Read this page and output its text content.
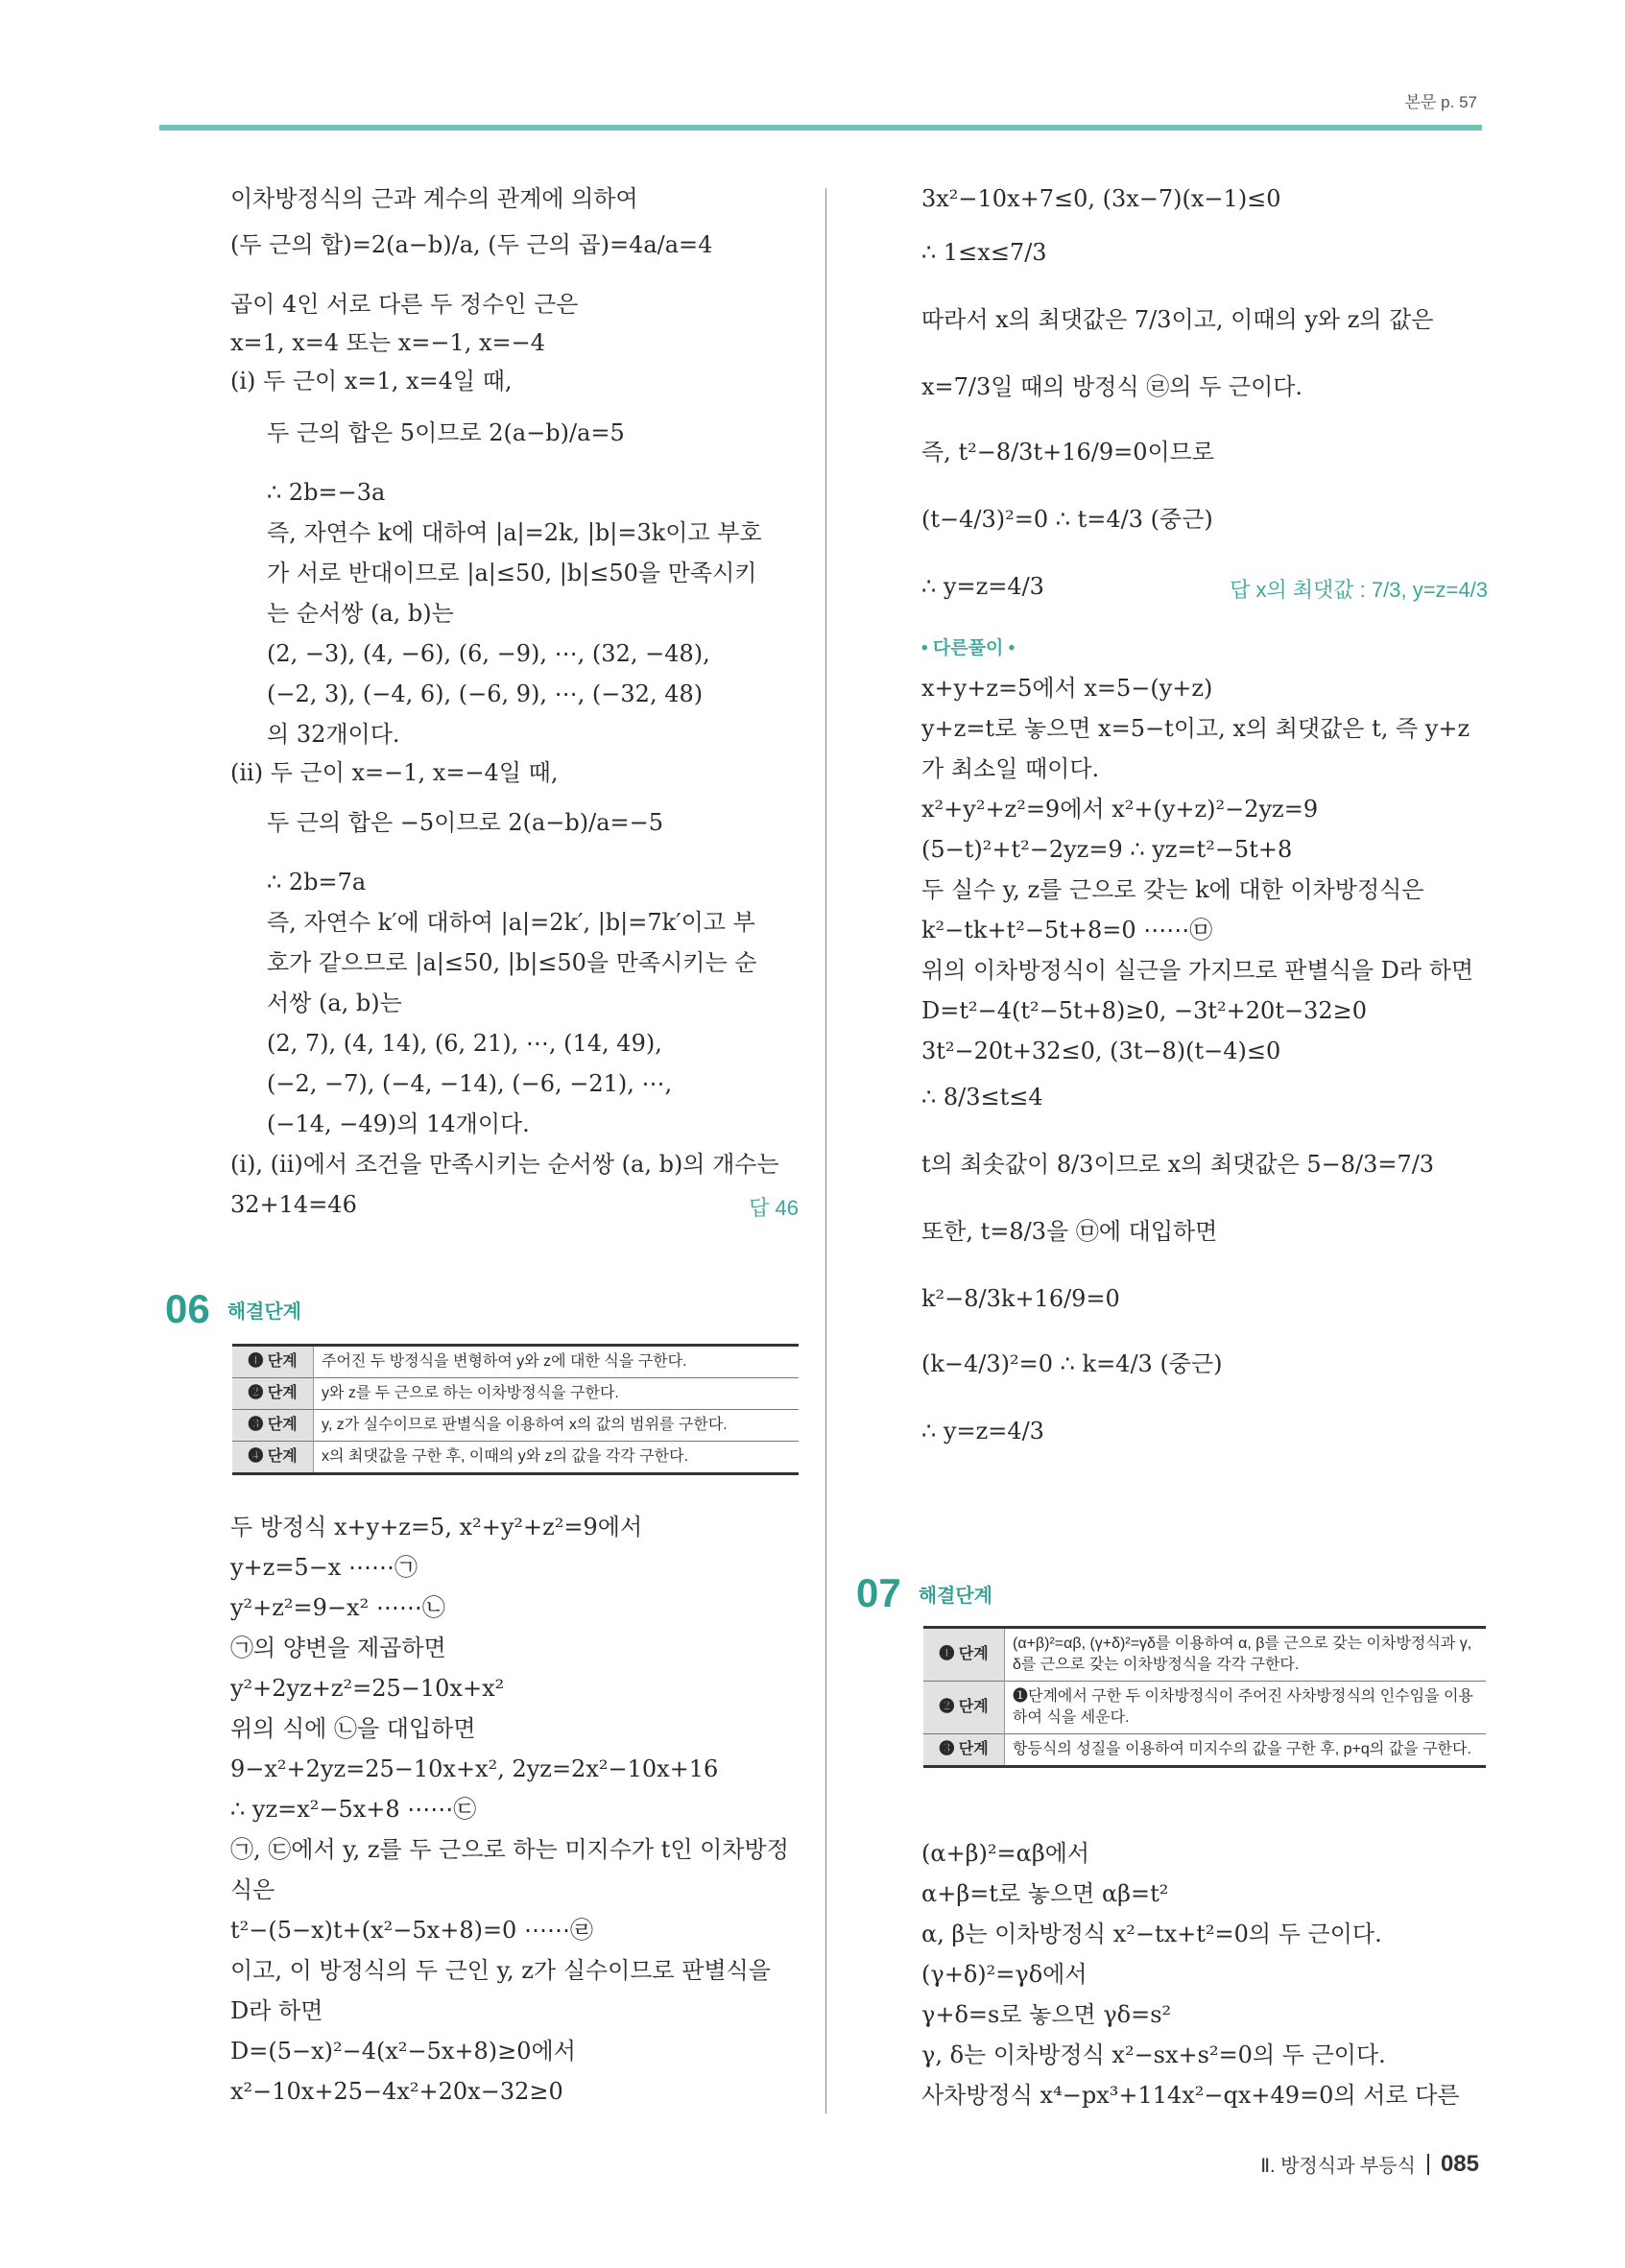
본문 p. 57
이차방정식의 근과 계수의 관계에 의하여
(두 근의 합)=2(a−b)/a, (두 근의 곱)=4a/a=4
곱이 4인 서로 다른 두 정수인 근은
x=1, x=4 또는 x=−1, x=−4
(i) 두 근이 x=1, x=4일 때,
두 근의 합은 5이므로 2(a−b)/a=5
∴ 2b=−3a
즉, 자연수 k에 대하여 |a|=2k, |b|=3k이고 부호
가 서로 반대이므로 |a|≤50, |b|≤50을 만족시키
는 순서쌍 (a, b)는
(2, −3), (4, −6), (6, −9), ⋯, (32, −48),
(−2, 3), (−4, 6), (−6, 9), ⋯, (−32, 48)
의 32개이다.
(ii) 두 근이 x=−1, x=−4일 때,
두 근의 합은 −5이므로 2(a−b)/a=−5
∴ 2b=7a
즉, 자연수 k′에 대하여 |a|=2k′, |b|=7k′이고 부
호가 같으므로 |a|≤50, |b|≤50을 만족시키는 순
서쌍 (a, b)는
(2, 7), (4, 14), (6, 21), ⋯, (14, 49),
(−2, −7), (−4, −14), (−6, −21), ⋯,
(−14, −49)의 14개이다.
(i), (ii)에서 조건을 만족시키는 순서쌍 (a, b)의 개수는
32+14=46	답 46
06 해결단계
❶ 단계	주어진 두 방정식을 변형하여 y와 z에 대한 식을 구한다.
❷ 단계	y와 z를 두 근으로 하는 이차방정식을 구한다.
❸ 단계	y, z가 실수이므로 판별식을 이용하여 x의 값의 범위를 구한다.
❹ 단계	x의 최댓값을 구한 후, 이때의 y와 z의 값을 각각 구한다.
두 방정식 x+y+z=5, x²+y²+z²=9에서
y+z=5−x ⋯⋯㉠
y²+z²=9−x² ⋯⋯㉡
㉠의 양변을 제곱하면
y²+2yz+z²=25−10x+x²
위의 식에 ㉡을 대입하면
9−x²+2yz=25−10x+x², 2yz=2x²−10x+16
∴ yz=x²−5x+8 ⋯⋯㉢
㉠, ㉢에서 y, z를 두 근으로 하는 미지수가 t인 이차방정
식은
t²−(5−x)t+(x²−5x+8)=0 ⋯⋯㉣
이고, 이 방정식의 두 근인 y, z가 실수이므로 판별식을
D라 하면
D=(5−x)²−4(x²−5x+8)≥0에서
x²−10x+25−4x²+20x−32≥0
3x²−10x+7≤0, (3x−7)(x−1)≤0
∴ 1≤x≤7/3
따라서 x의 최댓값은 7/3이고, 이때의 y와 z의 값은
x=7/3일 때의 방정식 ㉣의 두 근이다.
즉, t²−8/3t+16/9=0이므로
(t−4/3)²=0 ∴ t=4/3 (중근)
∴ y=z=4/3	답 x의 최댓값 : 7/3, y=z=4/3
• 다른풀이 •
x+y+z=5에서 x=5−(y+z)
y+z=t로 놓으면 x=5−t이고, x의 최댓값은 t, 즉 y+z
가 최소일 때이다.
x²+y²+z²=9에서 x²+(y+z)²−2yz=9
(5−t)²+t²−2yz=9 ∴ yz=t²−5t+8
두 실수 y, z를 근으로 갖는 k에 대한 이차방정식은
k²−tk+t²−5t+8=0 ⋯⋯㉤
위의 이차방정식이 실근을 가지므로 판별식을 D라 하면
D=t²−4(t²−5t+8)≥0, −3t²+20t−32≥0
3t²−20t+32≤0, (3t−8)(t−4)≤0
∴ 8/3≤t≤4
t의 최솟값이 8/3이므로 x의 최댓값은 5−8/3=7/3
또한, t=8/3을 ㉤에 대입하면
k²−8/3k+16/9=0
(k−4/3)²=0 ∴ k=4/3 (중근)
∴ y=z=4/3
07 해결단계
❶ 단계	(α+β)²=αβ, (γ+δ)²=γδ를 이용하여 α, β를 근으로 갖는 이차방정식과 γ, δ를 근으로 갖는 이차방정식을 각각 구한다.
❷ 단계	❶단계에서 구한 두 이차방정식이 주어진 사차방정식의 인수임을 이용하여 식을 세운다.
❸ 단계	항등식의 성질을 이용하여 미지수의 값을 구한 후, p+q의 값을 구한다.
(α+β)²=αβ에서
α+β=t로 놓으면 αβ=t²
α, β는 이차방정식 x²−tx+t²=0의 두 근이다.
(γ+δ)²=γδ에서
γ+δ=s로 놓으면 γδ=s²
γ, δ는 이차방정식 x²−sx+s²=0의 두 근이다.
사차방정식 x⁴−px³+114x²−qx+49=0의 서로 다른
Ⅱ. 방정식과 부등식 085
